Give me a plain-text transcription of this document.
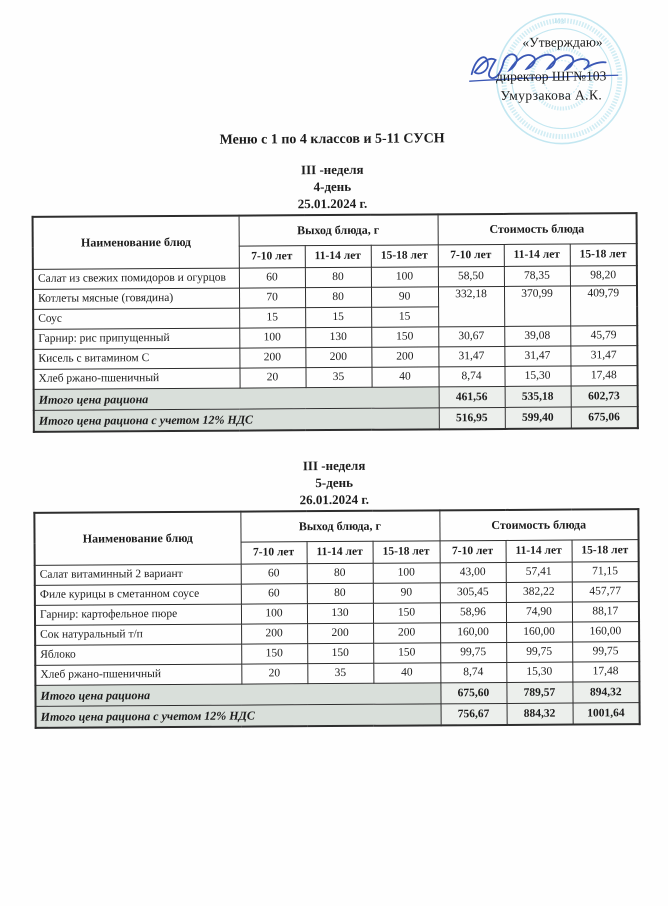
103
«Утверждаю»
директор ШГ№103
Умурзакова А.К.

Меню с 1 по 4 классов и 5-11 СУСН

III -неделя

4-день

25.01.2024 г.

Наименование блюд	Выход блюда, г			Стоимость блюда		
	7-10 лет	11-14 лет	15-18 лет	7-10 лет	11-14 лет	15-18 лет
Салат из свежих помидоров и огурцов	60	80	100	58,50	78,35	98,20
Котлеты мясные (говядина)	70	80	90	332,18	370,99	409,79
Соус	15	15	15			
Гарнир: рис припущенный	100	130	150	30,67	39,08	45,79
Кисель с витамином С	200	200	200	31,47	31,47	31,47
Хлеб ржано-пшеничный	20	35	40	8,74	15,30	17,48
Итого цена рациона				461,56	535,18	602,73
Итого цена рациона с учетом 12% НДС				516,95	599,40	675,06

III -неделя

5-день

26.01.2024 г.

Наименование блюд	Выход блюда, г			Стоимость блюда		
	7-10 лет	11-14 лет	15-18 лет	7-10 лет	11-14 лет	15-18 лет
Салат витаминный 2 вариант	60	80	100	43,00	57,41	71,15
Филе курицы в сметанном соусе	60	80	90	305,45	382,22	457,77
Гарнир: картофельное пюре	100	130	150	58,96	74,90	88,17
Сок натуральный т/п	200	200	200	160,00	160,00	160,00
Яблоко	150	150	150	99,75	99,75	99,75
Хлеб ржано-пшеничный	20	35	40	8,74	15,30	17,48
Итого цена рациона				675,60	789,57	894,32
Итого цена рациона с учетом 12% НДС				756,67	884,32	1001,64
